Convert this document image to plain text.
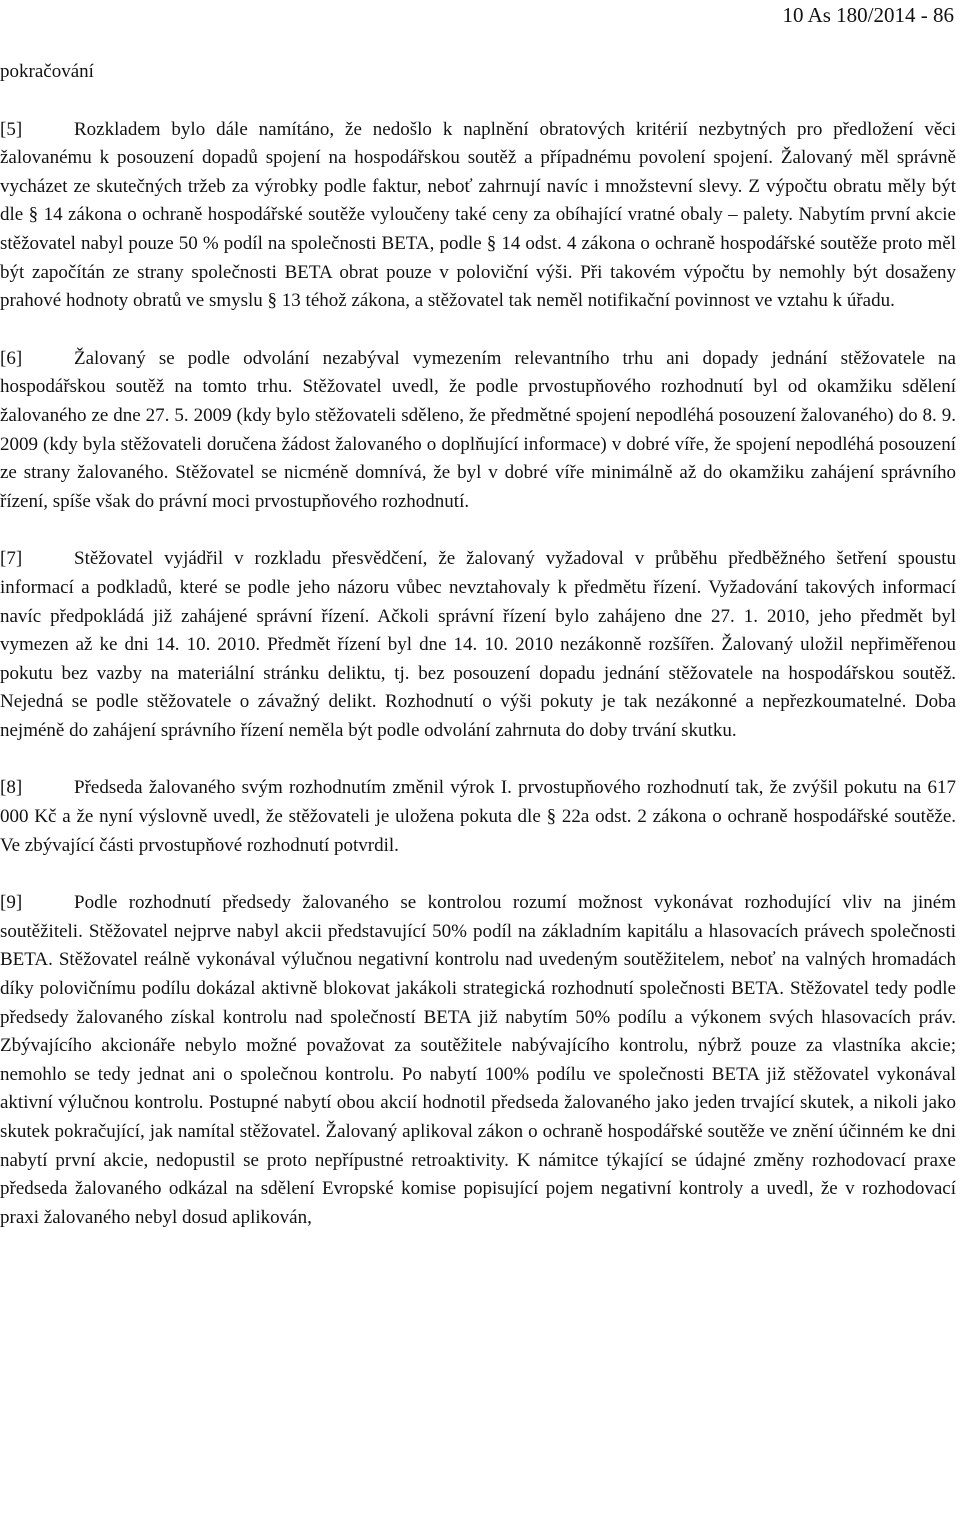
10 As 180/2014 - 86

pokračování

[5]	Rozkladem bylo dále namítáno, že nedošlo k naplnění obratových kritérií nezbytných pro předložení věci žalovanému k posouzení dopadů spojení na hospodářskou soutěž a případnému povolení spojení. Žalovaný měl správně vycházet ze skutečných tržeb za výrobky podle faktur, neboť zahrnují navíc i množstevní slevy. Z výpočtu obratu měly být dle § 14 zákona o ochraně hospodářské soutěže vyloučeny také ceny za obíhající vratné obaly – palety. Nabytím první akcie stěžovatel nabyl pouze 50 % podíl na společnosti BETA, podle § 14 odst. 4 zákona o ochraně hospodářské soutěže proto měl být započítán ze strany společnosti BETA obrat pouze v poloviční výši. Při takovém výpočtu by nemohly být dosaženy prahové hodnoty obratů ve smyslu § 13 téhož zákona, a stěžovatel tak neměl notifikační povinnost ve vztahu k úřadu.

[6]	Žalovaný se podle odvolání nezabýval vymezením relevantního trhu ani dopady jednání stěžovatele na hospodářskou soutěž na tomto trhu. Stěžovatel uvedl, že podle prvostupňového rozhodnutí byl od okamžiku sdělení žalovaného ze dne 27. 5. 2009 (kdy bylo stěžovateli sděleno, že předmětné spojení nepodléhá posouzení žalovaného) do 8. 9. 2009 (kdy byla stěžovateli doručena žádost žalovaného o doplňující informace) v dobré víře, že spojení nepodléhá posouzení ze strany žalovaného. Stěžovatel se nicméně domnívá, že byl v dobré víře minimálně až do okamžiku zahájení správního řízení, spíše však do právní moci prvostupňového rozhodnutí.

[7]	Stěžovatel vyjádřil v rozkladu přesvědčení, že žalovaný vyžadoval v průběhu předběžného šetření spoustu informací a podkladů, které se podle jeho názoru vůbec nevztahovaly k předmětu řízení. Vyžadování takových informací navíc předpokládá již zahájené správní řízení. Ačkoli správní řízení bylo zahájeno dne 27. 1. 2010, jeho předmět byl vymezen až ke dni 14. 10. 2010. Předmět řízení byl dne 14. 10. 2010 nezákonně rozšířen. Žalovaný uložil nepřiměřenou pokutu bez vazby na materiální stránku deliktu, tj. bez posouzení dopadu jednání stěžovatele na hospodářskou soutěž. Nejedná se podle stěžovatele o závažný delikt. Rozhodnutí o výši pokuty je tak nezákonné a nepřezkoumatelné. Doba nejméně do zahájení správního řízení neměla být podle odvolání zahrnuta do doby trvání skutku.

[8]	Předseda žalovaného svým rozhodnutím změnil výrok I. prvostupňového rozhodnutí tak, že zvýšil pokutu na 617 000 Kč a že nyní výslovně uvedl, že stěžovateli je uložena pokuta dle § 22a odst. 2 zákona o ochraně hospodářské soutěže. Ve zbývající části prvostupňové rozhodnutí potvrdil.

[9]	Podle rozhodnutí předsedy žalovaného se kontrolou rozumí možnost vykonávat rozhodující vliv na jiném soutěžiteli. Stěžovatel nejprve nabyl akcii představující 50% podíl na základním kapitálu a hlasovacích právech společnosti BETA. Stěžovatel reálně vykonával výlučnou negativní kontrolu nad uvedeným soutěžitelem, neboť na valných hromadách díky polovičnímu podílu dokázal aktivně blokovat jakákoli strategická rozhodnutí společnosti BETA. Stěžovatel tedy podle předsedy žalovaného získal kontrolu nad společností BETA již nabytím 50% podílu a výkonem svých hlasovacích práv. Zbývajícího akcionáře nebylo možné považovat za soutěžitele nabývajícího kontrolu, nýbrž pouze za vlastníka akcie; nemohlo se tedy jednat ani o společnou kontrolu. Po nabytí 100% podílu ve společnosti BETA již stěžovatel vykonával aktivní výlučnou kontrolu. Postupné nabytí obou akcií hodnotil předseda žalovaného jako jeden trvající skutek, a nikoli jako skutek pokračující, jak namítal stěžovatel. Žalovaný aplikoval zákon o ochraně hospodářské soutěže ve znění účinném ke dni nabytí první akcie, nedopustil se proto nepřípustné retroaktivity. K námitce týkající se údajné změny rozhodovací praxe předseda žalovaného odkázal na sdělení Evropské komise popisující pojem negativní kontroly a uvedl, že v rozhodovací praxi žalovaného nebyl dosud aplikován,
